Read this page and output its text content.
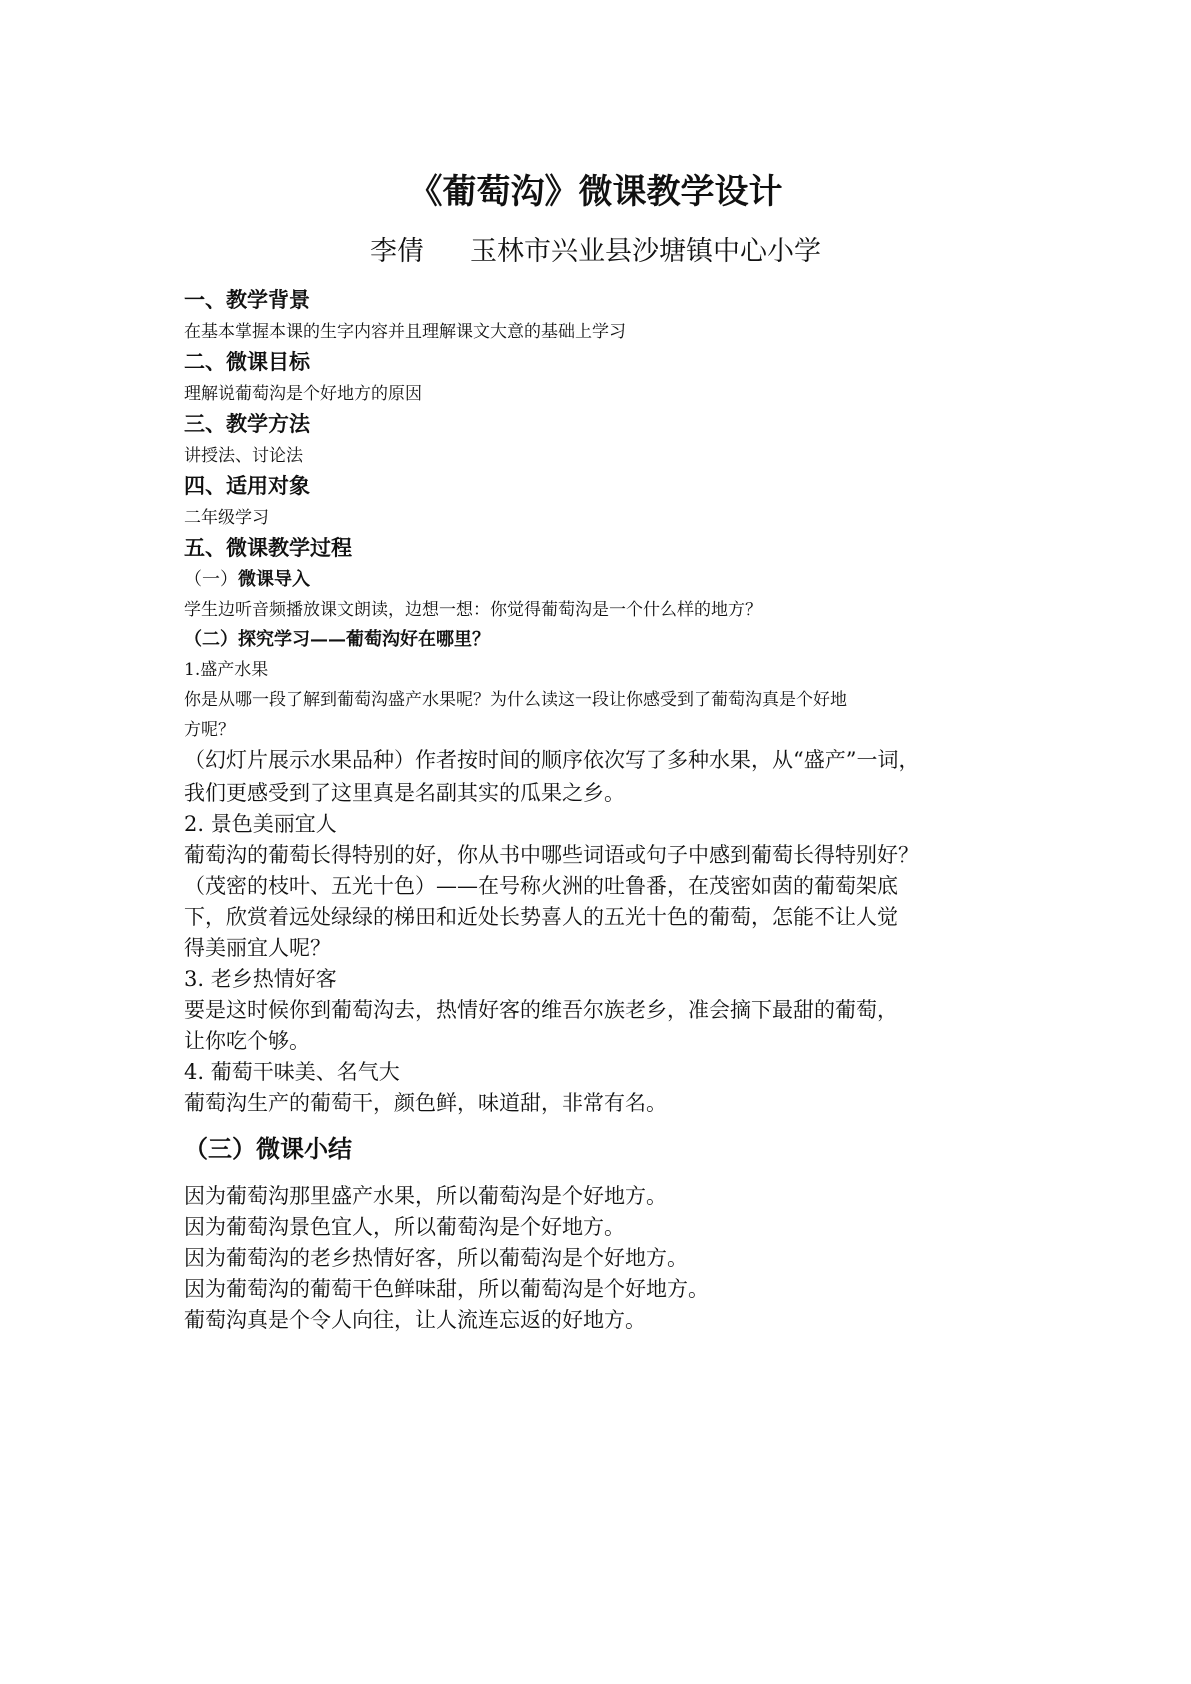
《葡萄沟》微课教学设计
李倩 玉林市兴业县沙塘镇中心小学
一、教学背景
在基本掌握本课的生字内容并且理解课文大意的基础上学习
二、微课目标
理解说葡萄沟是个好地方的原因
三、教学方法
讲授法、讨论法
四、适用对象
二年级学习
五、微课教学过程
（一）微课导入
学生边听音频播放课文朗读，边想一想：你觉得葡萄沟是一个什么样的地方？
（二）探究学习——葡萄沟好在哪里？
1.盛产水果
你是从哪一段了解到葡萄沟盛产水果呢？为什么读这一段让你感受到了葡萄沟真是个好地
方呢？
（幻灯片展示水果品种）作者按时间的顺序依次写了多种水果，从“盛产”一词，
我们更感受到了这里真是名副其实的瓜果之乡。
2. 景色美丽宜人
葡萄沟的葡萄长得特别的好，你从书中哪些词语或句子中感到葡萄长得特别好？
（茂密的枝叶、五光十色）——在号称火洲的吐鲁番，在茂密如茵的葡萄架底
下，欣赏着远处绿绿的梯田和近处长势喜人的五光十色的葡萄，怎能不让人觉
得美丽宜人呢？
3. 老乡热情好客
要是这时候你到葡萄沟去，热情好客的维吾尔族老乡，准会摘下最甜的葡萄，
让你吃个够。
4. 葡萄干味美、名气大
葡萄沟生产的葡萄干，颜色鲜，味道甜，非常有名。
（三）微课小结
因为葡萄沟那里盛产水果，所以葡萄沟是个好地方。
因为葡萄沟景色宜人，所以葡萄沟是个好地方。
因为葡萄沟的老乡热情好客，所以葡萄沟是个好地方。
因为葡萄沟的葡萄干色鲜味甜，所以葡萄沟是个好地方。
葡萄沟真是个令人向往，让人流连忘返的好地方。
